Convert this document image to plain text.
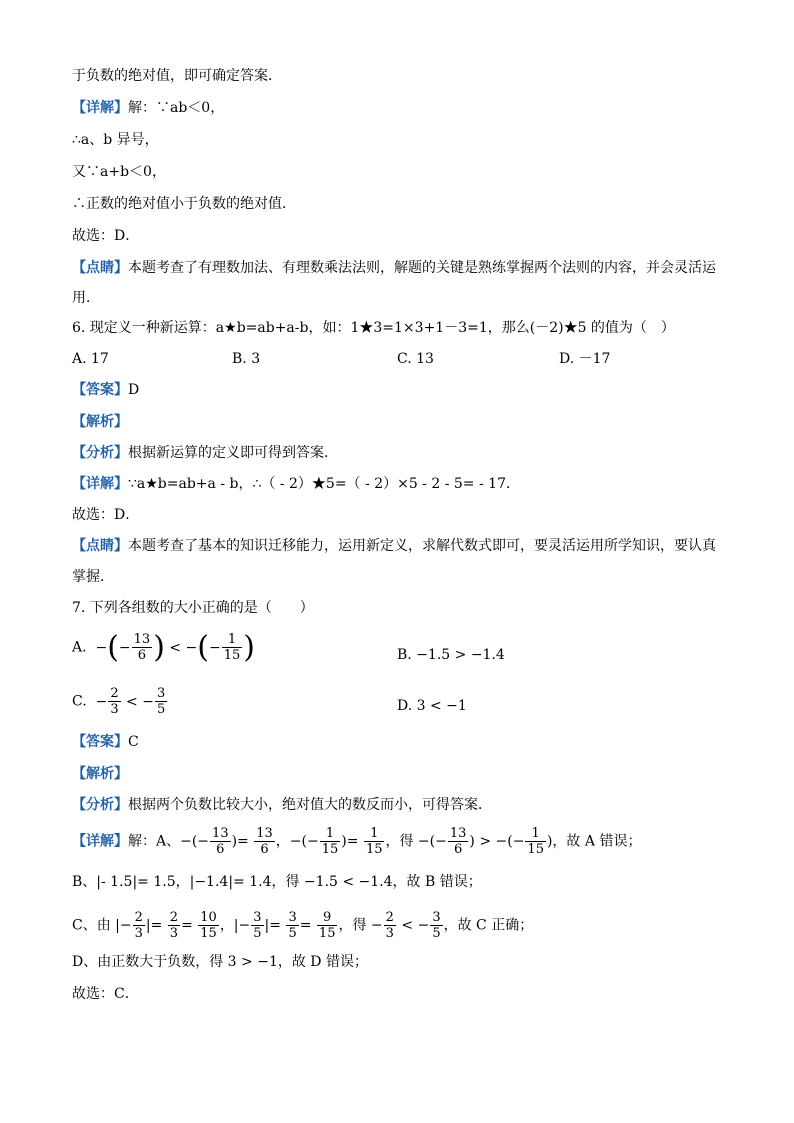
于负数的绝对值，即可确定答案．
【详解】解：∵ab＜0，
∴a、b 异号，
又∵a+b＜0，
∴正数的绝对值小于负数的绝对值．
故选：D．
【点睛】本题考查了有理数加法、有理数乘法法则，解题的关键是熟练掌握两个法则的内容，并会灵活运
用．
6. 现定义一种新运算：a★b=ab+a-b，如：1★3=1×3+1－3=1，那么(－2)★5 的值为（　）
A. 17	B. 3	C. 13	D. －17
【答案】D
【解析】
【分析】根据新运算的定义即可得到答案．
【详解】∵a★b=ab+a - b，∴（ - 2）★5=（ - 2）×5 - 2 - 5= - 17．
故选：D．
【点睛】本题考查了基本的知识迁移能力，运用新定义，求解代数式即可，要灵活运用所学知识，要认真
掌握．
7. 下列各组数的大小正确的是（　　）
A. −(− $\frac{13}{6}$ ) < −(− $\frac{1}{15}$ )	B. −1.5 > −1.4
C. − $\frac{2}{3}$ < − $\frac{3}{5}$	D. 3 < −1
【答案】C
【解析】
【分析】根据两个负数比较大小，绝对值大的数反而小，可得答案．
【详解】解：A、−(− $\frac{13}{6}$ )= $\frac{13}{6}$ ，−(− $\frac{1}{15}$ )= $\frac{1}{15}$ ，得 −(− $\frac{13}{6}$ ) > −(− $\frac{1}{15}$ )，故 A 错误；
B、|- 1.5|= 1.5，|−1.4|= 1.4，得 −1.5 < −1.4，故 B 错误；
C、由 |− $\frac{2}{3}$ |= $\frac{2}{3} = \frac{10}{15}$ ，|− $\frac{3}{5}$ |= $\frac{3}{5} = \frac{9}{15}$ ，得 − $\frac{2}{3}$ < − $\frac{3}{5}$ ，故 C 正确；
D、由正数大于负数，得 3 > −1，故 D 错误；
故选：C．
